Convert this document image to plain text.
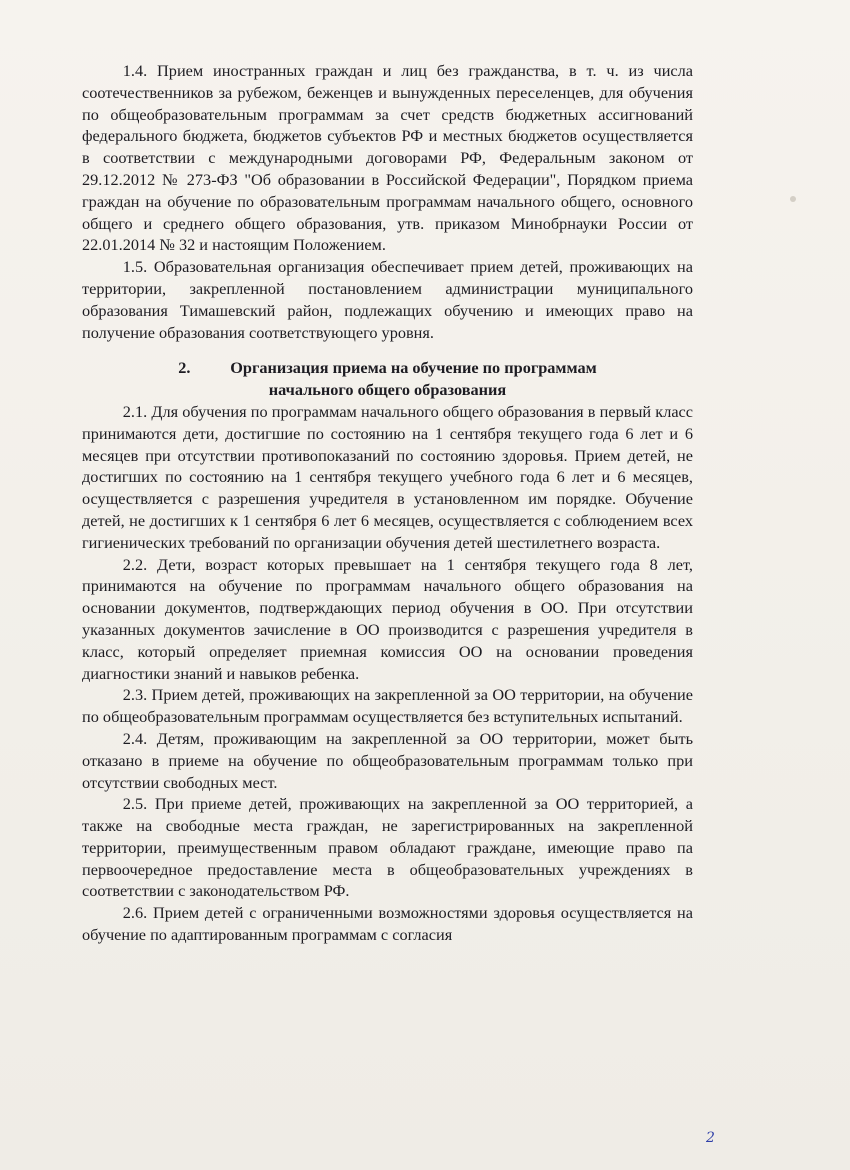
1.4. Прием иностранных граждан и лиц без гражданства, в т. ч. из числа соотечественников за рубежом, беженцев и вынужденных переселенцев, для обучения по общеобразовательным программам за счет средств бюджетных ассигнований федерального бюджета, бюджетов субъектов РФ и местных бюджетов осуществляется в соответствии с международными договорами РФ, Федеральным законом от 29.12.2012 № 273-ФЗ "Об образовании в Российской Федерации", Порядком приема граждан на обучение по образовательным программам начального общего, основного общего и среднего общего образования, утв. приказом Минобрнауки России от 22.01.2014 № 32 и настоящим Положением.

1.5. Образовательная организация обеспечивает прием детей, проживающих на территории, закрепленной постановлением администрации муниципального образования Тимашевский район, подлежащих обучению и имеющих право на получение образования соответствующего уровня.

2. Организация приема на обучение по программам
начального общего образования

2.1. Для обучения по программам начального общего образования в первый класс принимаются дети, достигшие по состоянию на 1 сентября текущего года 6 лет и 6 месяцев при отсутствии противопоказаний по состоянию здоровья. Прием детей, не достигших по состоянию на 1 сентября текущего учебного года 6 лет и 6 месяцев, осуществляется с разрешения учредителя в установленном им порядке. Обучение детей, не достигших к 1 сентября 6 лет 6 месяцев, осуществляется с соблюдением всех гигиенических требований по организации обучения детей шестилетнего возраста.

2.2. Дети, возраст которых превышает на 1 сентября текущего года 8 лет, принимаются на обучение по программам начального общего образования на основании документов, подтверждающих период обучения в ОО. При отсутствии указанных документов зачисление в ОО производится с разрешения учредителя в класс, который определяет приемная комиссия ОО на основании проведения диагностики знаний и навыков ребенка.

2.3. Прием детей, проживающих на закрепленной за ОО территории, на обучение по общеобразовательным программам осуществляется без вступительных испытаний.

2.4. Детям, проживающим на закрепленной за ОО территории, может быть отказано в приеме на обучение по общеобразовательным программам только при отсутствии свободных мест.

2.5. При приеме детей, проживающих на закрепленной за ОО территорией, а также на свободные места граждан, не зарегистрированных на закрепленной территории, преимущественным правом обладают граждане, имеющие право па первоочередное предоставление места в общеобразовательных учреждениях в соответствии с законодательством РФ.

2.6. Прием детей с ограниченными возможностями здоровья осуществляется на обучение по адаптированным программам с согласия

2
